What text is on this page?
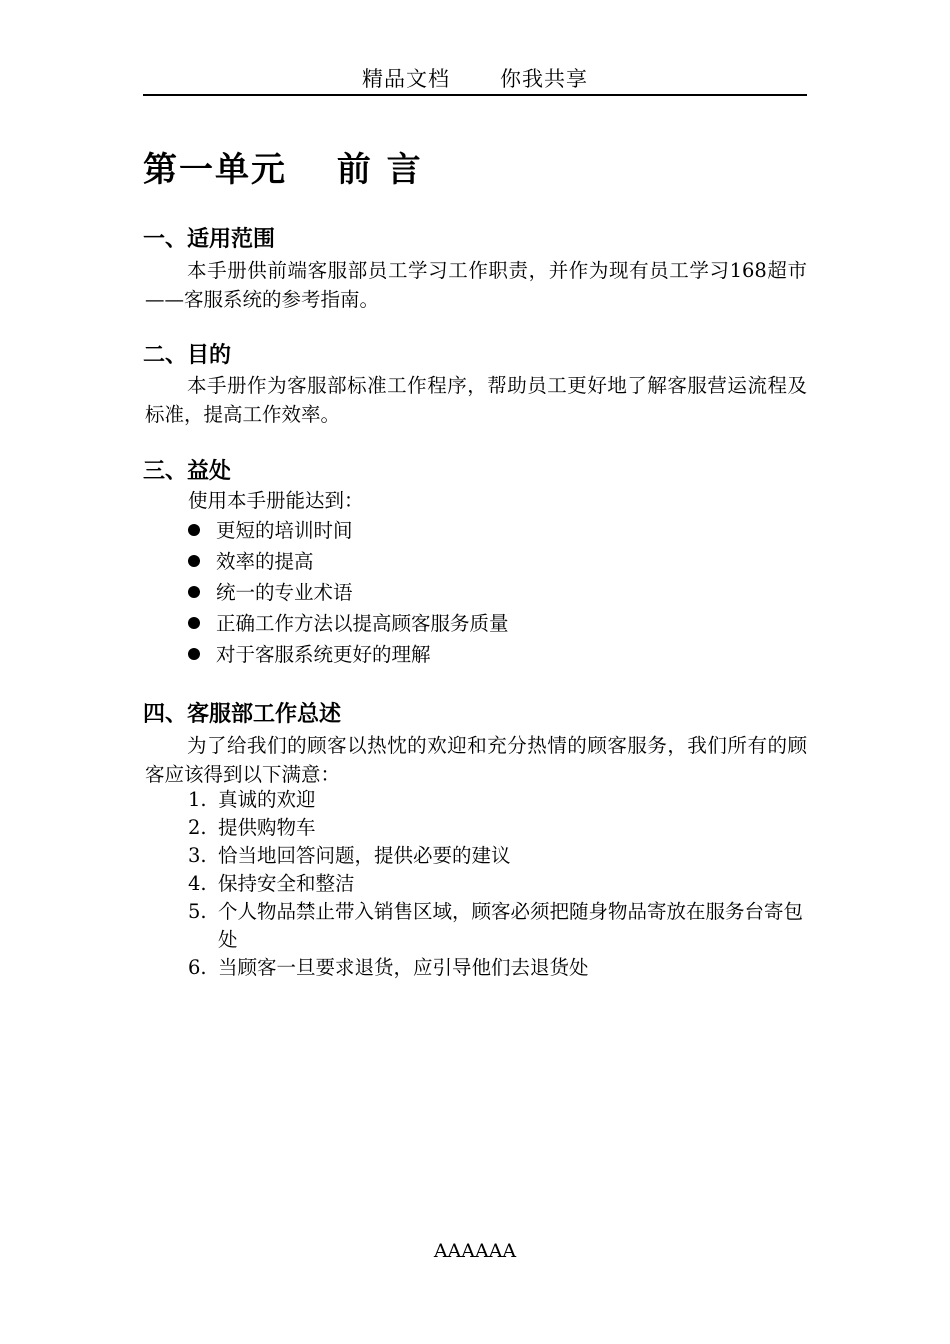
精品文档 你我共享
第一单元　 前 言
一、适用范围
本手册供前端客服部员工学习工作职责，并作为现有员工学习168超市——客服系统的参考指南。
二、目的
本手册作为客服部标准工作程序，帮助员工更好地了解客服营运流程及标准，提高工作效率。
三、益处
使用本手册能达到：
更短的培训时间
效率的提高
统一的专业术语
正确工作方法以提高顾客服务质量
对于客服系统更好的理解
四、客服部工作总述
为了给我们的顾客以热忱的欢迎和充分热情的顾客服务，我们所有的顾客应该得到以下满意：
1. 真诚的欢迎
2. 提供购物车
3. 恰当地回答问题，提供必要的建议
4. 保持安全和整洁
5. 个人物品禁止带入销售区域，顾客必须把随身物品寄放在服务台寄包处
6. 当顾客一旦要求退货，应引导他们去退货处
AAAAAA
